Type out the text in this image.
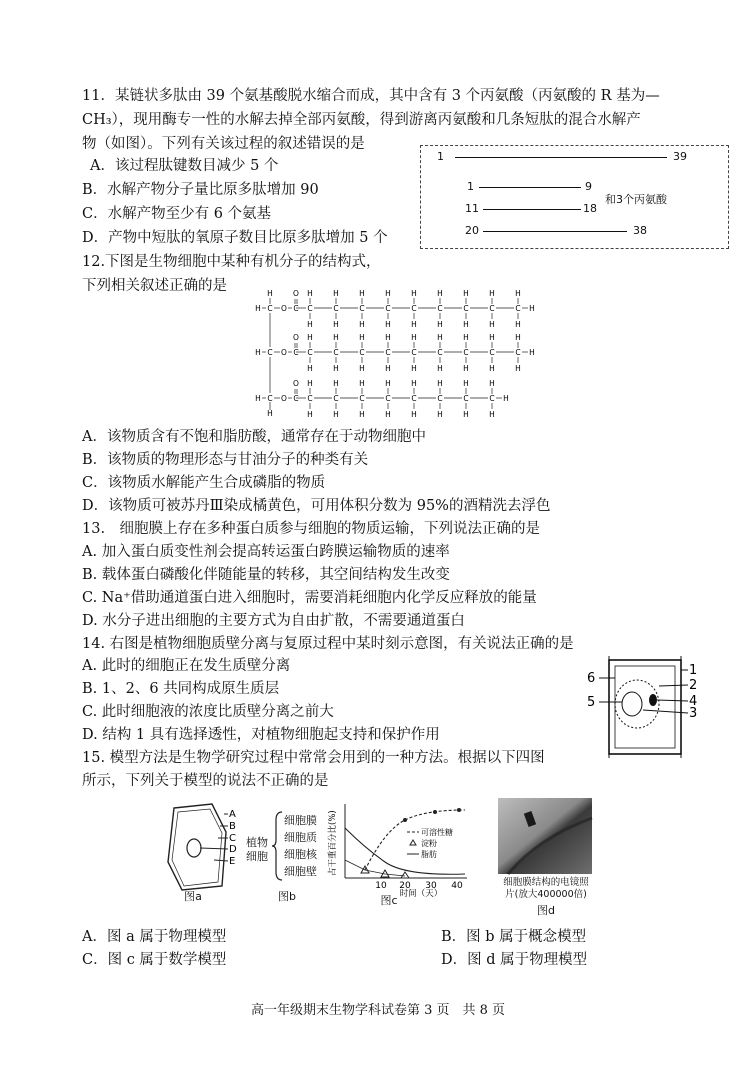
11．某链状多肽由 39 个氨基酸脱水缩合而成，其中含有 3 个丙氨酸（丙氨酸的 R 基为—
CH₃），现用酶专一性的水解去掉全部丙氨酸，得到游离丙氨酸和几条短肽的混合水解产
物（如图）。下列有关该过程的叙述错误的是
A．该过程肽键数目减少 5 个
B．水解产物分子量比原多肽增加 90
C．水解产物至少有 6 个氨基
D．产物中短肽的氧原子数目比原多肽增加 5 个
1	39
1	9
11	18
和3个丙氨酸
20	38
12.下图是生物细胞中某种有机分子的结构式，
下列相关叙述正确的是	H
H
H C O C
O
C
H
H
C
H
H
C
H
H
C
H
H
C
H
H
C
H
H
C
H
H
C
H
H
C
H
H
H
H C O C
O
C
H
H
C
H
H
C
H
H
C
H
H
C
H
H
C
H
H
C
H
H
C
H
H
C
H
H
H
H C O C
O
C
H
H
C
H
H
C
H
H
C
H
H
C
H
H
C
H
H
C
H
H
C
H
H
H
A．该物质含有不饱和脂肪酸，通常存在于动物细胞中
B．该物质的物理形态与甘油分子的种类有关
C．该物质水解能产生合成磷脂的物质
D．该物质可被苏丹Ⅲ染成橘黄色，可用体积分数为 95%的酒精洗去浮色
13.　细胞膜上存在多种蛋白质参与细胞的物质运输，下列说法正确的是
A. 加入蛋白质变性剂会提高转运蛋白跨膜运输物质的速率
B. 载体蛋白磷酸化伴随能量的转移，其空间结构发生改变
C. Na⁺借助通道蛋白进入细胞时，需要消耗细胞内化学反应释放的能量
D. 水分子进出细胞的主要方式为自由扩散，不需要通道蛋白
14. 右图是植物细胞质壁分离与复原过程中某时刻示意图，有关说法正确的是
A. 此时的细胞正在发生质壁分离
B. 1、2、6 共同构成原生质层
C. 此时细胞液的浓度比质壁分离之前大
D. 结构 1 具有选择透性，对植物细胞起支持和保护作用
1
2
4
3
6
5
15. 模型方法是生物学研究过程中常常会用到的一种方法。根据以下四图
所示，下列关于模型的说法不正确的是
A
B
C
D
E
图a
植物
细胞
细胞膜
细胞质
细胞核
细胞壁
图b
占干重百分比(%)
10 20 30 40
时间（天）
可溶性糖
淀粉
脂肪
图c
细胞膜结构的电镜照
片(放大400000倍)
图d
A．图 a 属于物理模型	B．图 b 属于概念模型
C．图 c 属于数学模型	D．图 d 属于物理模型
高一年级期末生物学科试卷第 3 页　共 8 页
